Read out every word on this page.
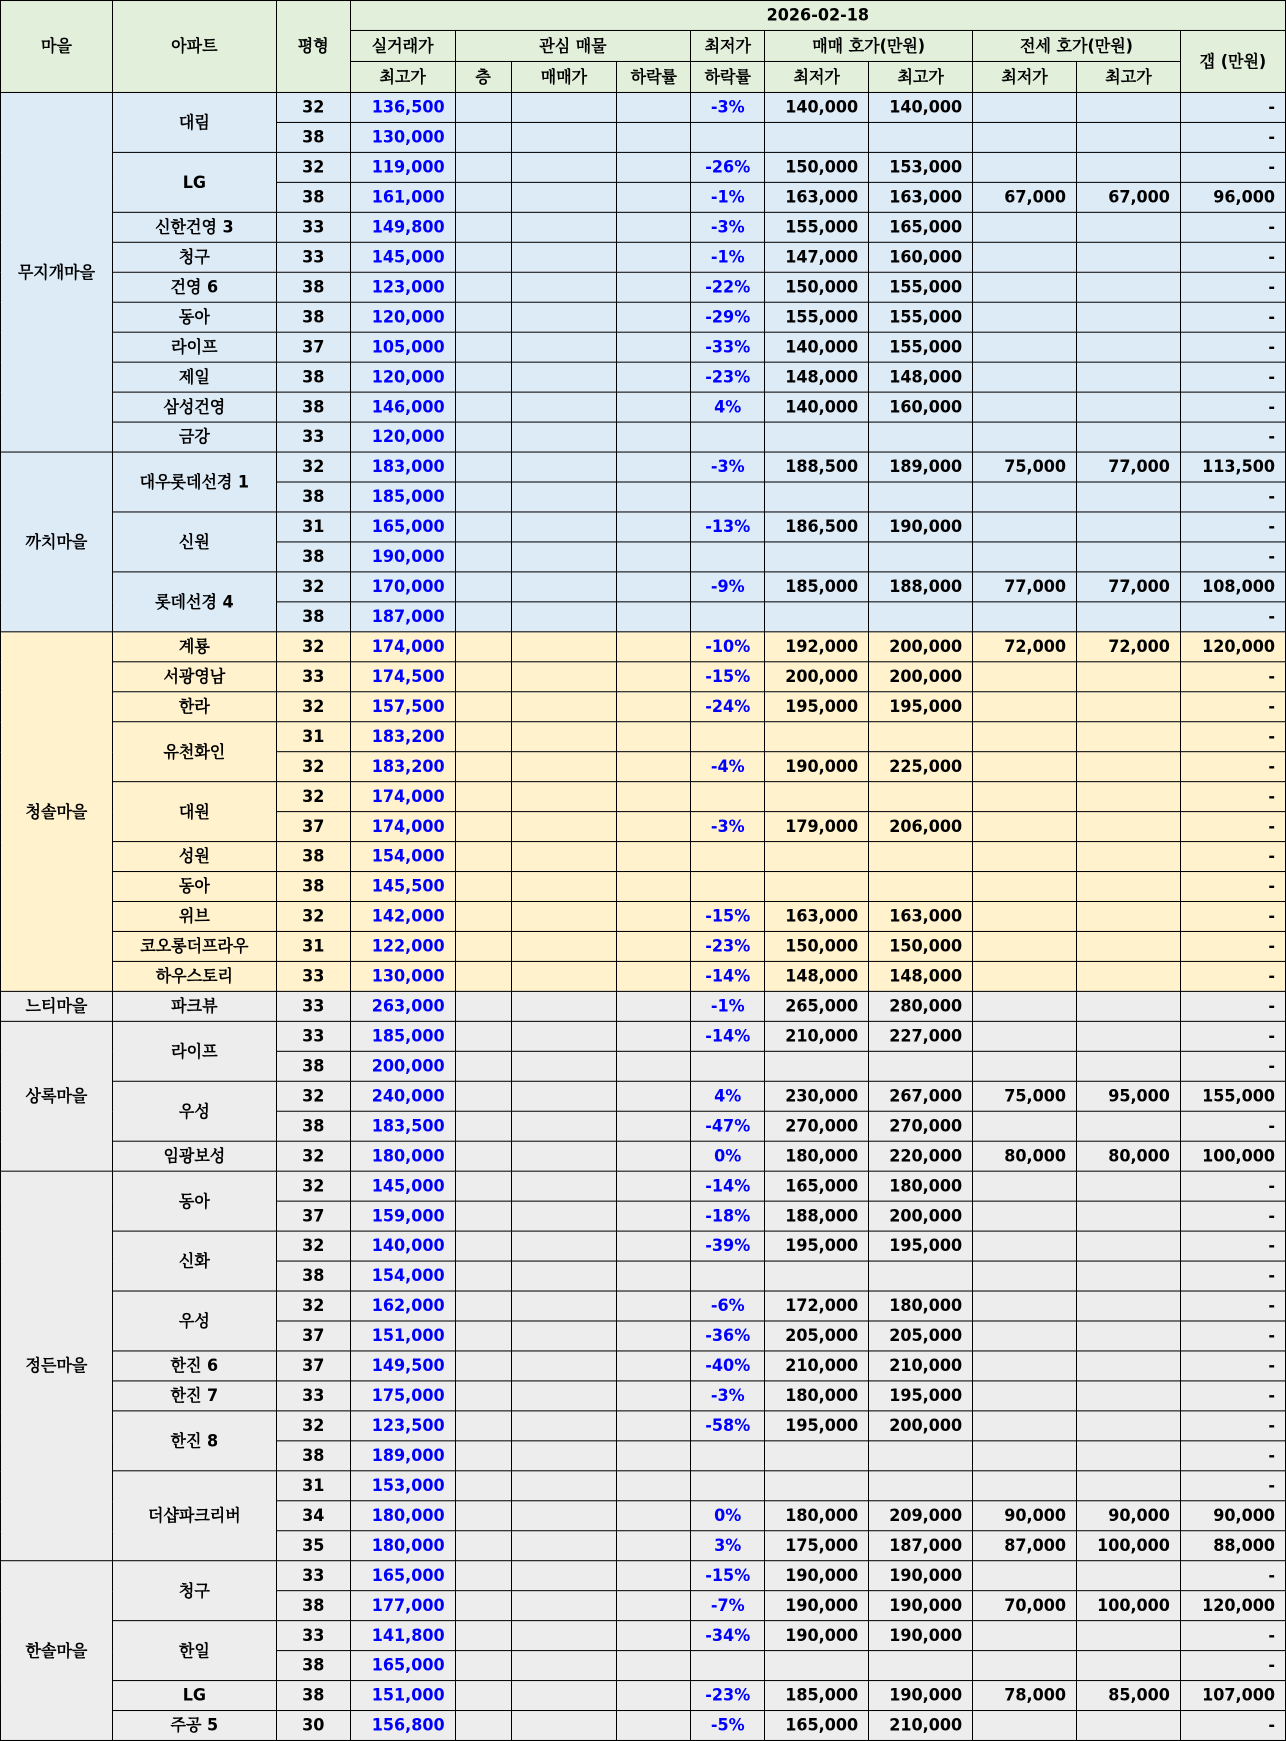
마을	아파트	평형	2026-02-18									
			실거래가	관심 매물			최저가	매매 호가(만원)		전세 호가(만원)		갭 (만원)
			최고가	층	매매가	하락률	하락률	최저가	최고가	최저가	최고가	
무지개마을	대림	32	136,500				-3%	140,000	140,000			-
		38	130,000									-
	LG	32	119,000				-26%	150,000	153,000			-
		38	161,000				-1%	163,000	163,000	67,000	67,000	96,000
	신한건영 3	33	149,800				-3%	155,000	165,000			-
	청구	33	145,000				-1%	147,000	160,000			-
	건영 6	38	123,000				-22%	150,000	155,000			-
	동아	38	120,000				-29%	155,000	155,000			-
	라이프	37	105,000				-33%	140,000	155,000			-
	제일	38	120,000				-23%	148,000	148,000			-
	삼성건영	38	146,000				4%	140,000	160,000			-
	금강	33	120,000									-
까치마을	대우롯데선경 1	32	183,000				-3%	188,500	189,000	75,000	77,000	113,500
		38	185,000									-
	신원	31	165,000				-13%	186,500	190,000			-
		38	190,000									-
	롯데선경 4	32	170,000				-9%	185,000	188,000	77,000	77,000	108,000
		38	187,000									-
청솔마을	계룡	32	174,000				-10%	192,000	200,000	72,000	72,000	120,000
	서광영남	33	174,500				-15%	200,000	200,000			-
	한라	32	157,500				-24%	195,000	195,000			-
	유천화인	31	183,200									-
		32	183,200				-4%	190,000	225,000			-
	대원	32	174,000									-
		37	174,000				-3%	179,000	206,000			-
	성원	38	154,000									-
	동아	38	145,500									-
	위브	32	142,000				-15%	163,000	163,000			-
	코오롱더프라우	31	122,000				-23%	150,000	150,000			-
	하우스토리	33	130,000				-14%	148,000	148,000			-
느티마을	파크뷰	33	263,000				-1%	265,000	280,000			-
상록마을	라이프	33	185,000				-14%	210,000	227,000			-
		38	200,000									-
	우성	32	240,000				4%	230,000	267,000	75,000	95,000	155,000
		38	183,500				-47%	270,000	270,000			-
	임광보성	32	180,000				0%	180,000	220,000	80,000	80,000	100,000
정든마을	동아	32	145,000				-14%	165,000	180,000			-
		37	159,000				-18%	188,000	200,000			-
	신화	32	140,000				-39%	195,000	195,000			-
		38	154,000									-
	우성	32	162,000				-6%	172,000	180,000			-
		37	151,000				-36%	205,000	205,000			-
	한진 6	37	149,500				-40%	210,000	210,000			-
	한진 7	33	175,000				-3%	180,000	195,000			-
	한진 8	32	123,500				-58%	195,000	200,000			-
		38	189,000									-
	더샵파크리버	31	153,000									-
		34	180,000				0%	180,000	209,000	90,000	90,000	90,000
		35	180,000				3%	175,000	187,000	87,000	100,000	88,000
한솔마을	청구	33	165,000				-15%	190,000	190,000			-
		38	177,000				-7%	190,000	190,000	70,000	100,000	120,000
	한일	33	141,800				-34%	190,000	190,000			-
		38	165,000									-
	LG	38	151,000				-23%	185,000	190,000	78,000	85,000	107,000
	주공 5	30	156,800				-5%	165,000	210,000			-
